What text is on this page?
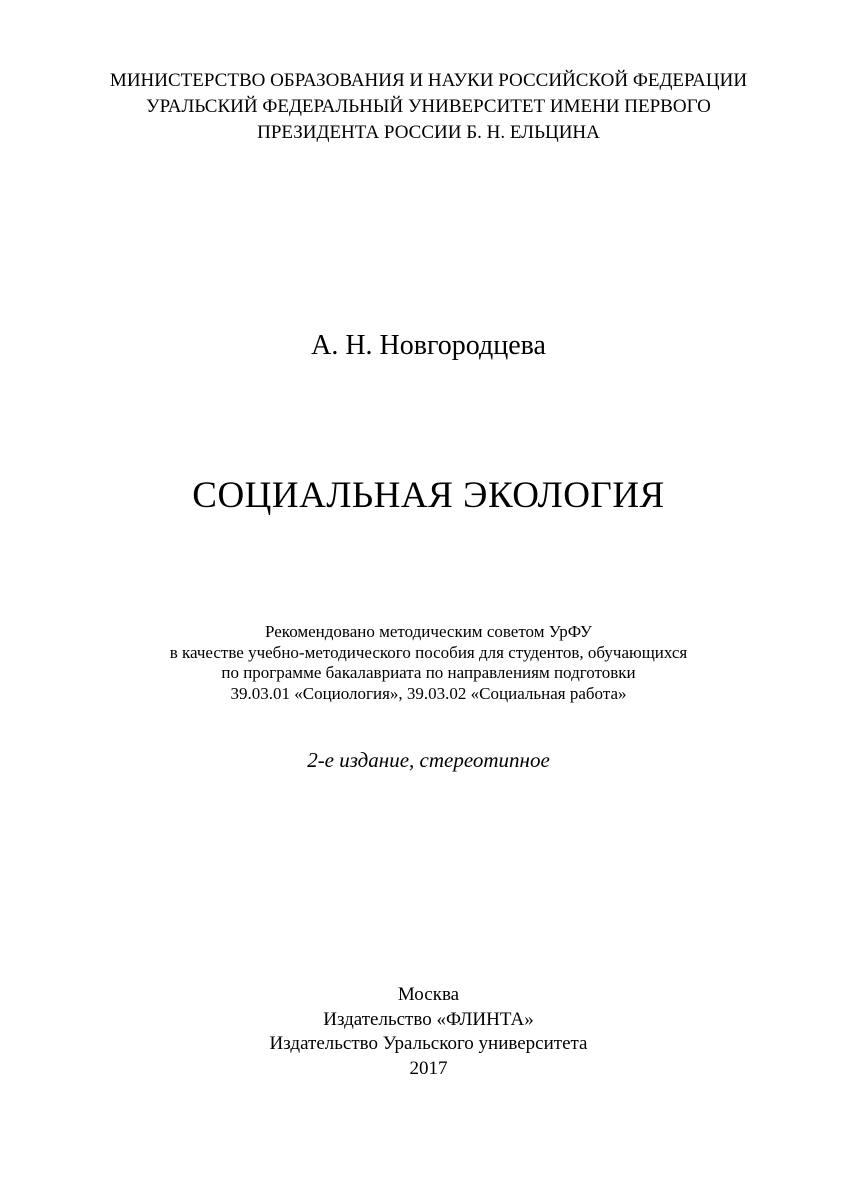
МИНИСТЕРСТВО ОБРАЗОВАНИЯ И НАУКИ РОССИЙСКОЙ ФЕДЕРАЦИИ
УРАЛЬСКИЙ ФЕДЕРАЛЬНЫЙ УНИВЕРСИТЕТ ИМЕНИ ПЕРВОГО
ПРЕЗИДЕНТА РОССИИ Б. Н. ЕЛЬЦИНА
А. Н. Новгородцева
СОЦИАЛЬНАЯ ЭКОЛОГИЯ
Рекомендовано методическим советом УрФУ
в качестве учебно-методического пособия для студентов, обучающихся
по программе бакалавриата по направлениям подготовки
39.03.01 «Социология», 39.03.02 «Социальная работа»
2-е издание, стереотипное
Москва
Издательство «ФЛИНТА»
Издательство Уральского университета
2017
